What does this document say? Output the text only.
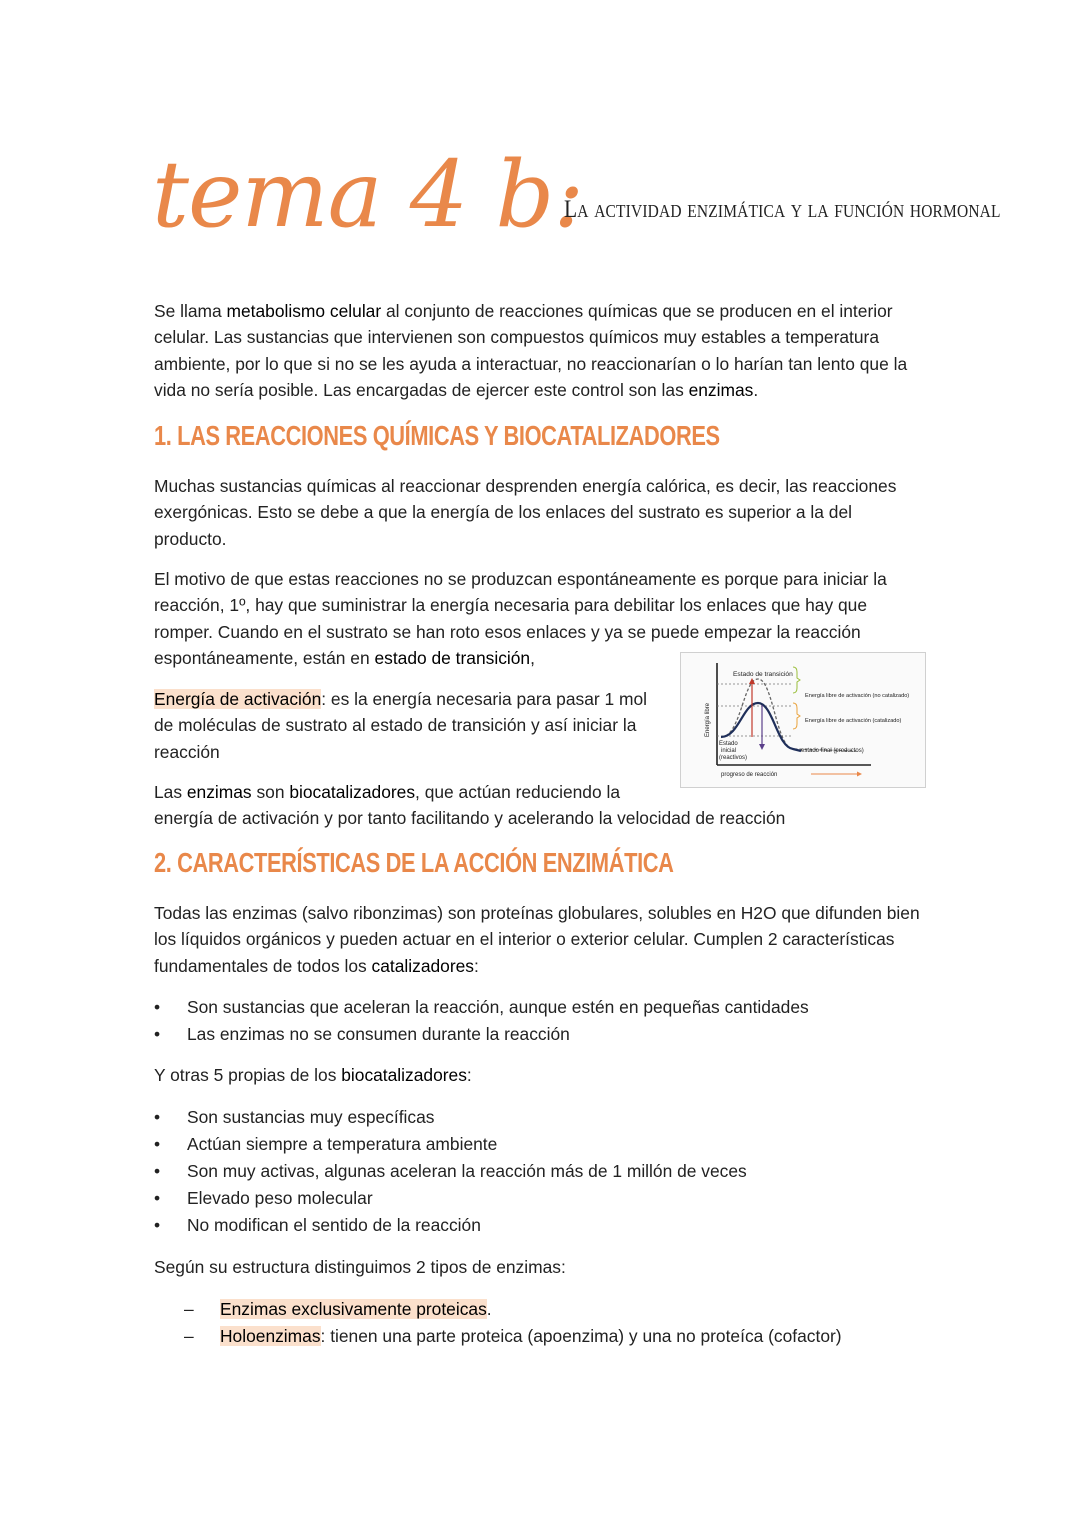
tema 4 b:
La actividad enzimática y la función hormonal
Se llama metabolismo celular al conjunto de reacciones químicas que se producen en el interior celular. Las sustancias que intervienen son compuestos químicos muy estables a temperatura ambiente, por lo que si no se les ayuda a interactuar, no reaccionarían o lo harían tan lento que la vida no sería posible. Las encargadas de ejercer este control son las enzimas.
1. LAS REACCIONES QUÍMICAS Y BIOCATALIZADORES
Muchas sustancias químicas al reaccionar desprenden energía calórica, es decir, las reacciones exergónicas. Esto se debe a que la energía de los enlaces del sustrato es superior a la del producto.
El motivo de que estas reacciones no se produzcan espontáneamente es porque para iniciar la reacción, 1º, hay que suministrar la energía necesaria para debilitar los enlaces que hay que romper. Cuando en el sustrato se han roto esos enlaces y ya se puede empezar la reacción espontáneamente, están en estado de transición,
Energía de activación: es la energía necesaria para pasar 1 mol de moléculas de sustrato al estado de transición y así iniciar la reacción
Estado de transición
Energía libre de activación (no catalizado)
Energía libre de activación (catalizado)
Estado
inicial
(reactivos)
estado final (productos)
Energía libre
progreso de reacción
Las enzimas son biocatalizadores, que actúan reduciendo la
energía de activación y por tanto facilitando y acelerando la velocidad de reacción
2. CARACTERÍSTICAS DE LA ACCIÓN ENZIMÁTICA
Todas las enzimas (salvo ribonzimas) son proteínas globulares, solubles en H2O que difunden bien los líquidos orgánicos y pueden actuar en el interior o exterior celular. Cumplen 2 características fundamentales de todos los catalizadores:
• Son sustancias que aceleran la reacción, aunque estén en pequeñas cantidades
• Las enzimas no se consumen durante la reacción
Y otras 5 propias de los biocatalizadores:
• Son sustancias muy específicas
• Actúan siempre a temperatura ambiente
• Son muy activas, algunas aceleran la reacción más de 1 millón de veces
• Elevado peso molecular
• No modifican el sentido de la reacción
Según su estructura distinguimos 2 tipos de enzimas:
– Enzimas exclusivamente proteicas.
– Holoenzimas: tienen una parte proteica (apoenzima) y una no proteíca (cofactor)
